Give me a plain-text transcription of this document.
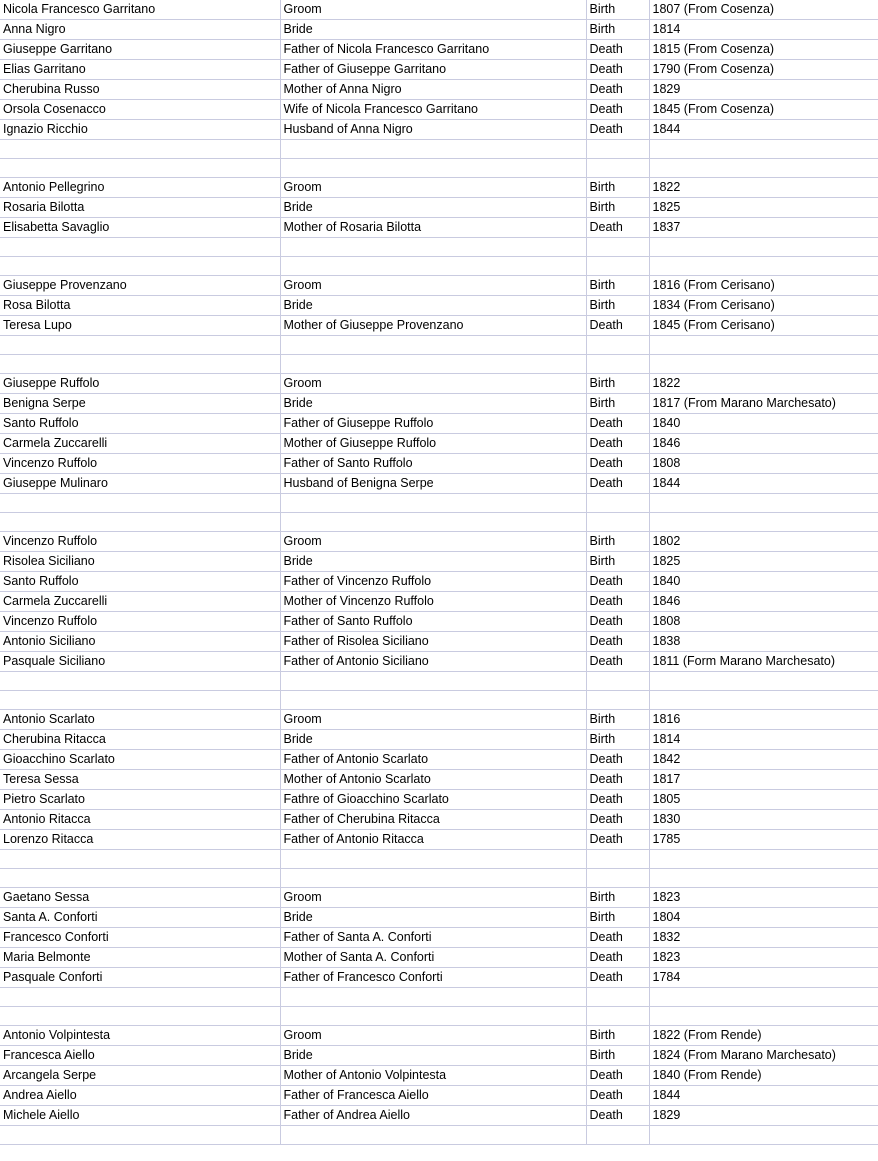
Nicola Francesco Garritano	Groom	Birth	1807 (From Cosenza)
Anna Nigro	Bride	Birth	1814
Giuseppe Garritano	Father of Nicola Francesco Garritano	Death	1815 (From Cosenza)
Elias Garritano	Father of Giuseppe Garritano	Death	1790 (From Cosenza)
Cherubina Russo	Mother of Anna Nigro	Death	1829
Orsola Cosenacco	Wife of Nicola Francesco Garritano	Death	1845 (From Cosenza)
Ignazio Ricchio	Husband of Anna Nigro	Death	1844

Antonio Pellegrino	Groom	Birth	1822
Rosaria Bilotta	Bride	Birth	1825
Elisabetta Savaglio	Mother of Rosaria Bilotta	Death	1837

Giuseppe Provenzano	Groom	Birth	1816 (From Cerisano)
Rosa Bilotta	Bride	Birth	1834 (From Cerisano)
Teresa Lupo	Mother of Giuseppe Provenzano	Death	1845 (From Cerisano)

Giuseppe Ruffolo	Groom	Birth	1822
Benigna Serpe	Bride	Birth	1817 (From Marano Marchesato)
Santo Ruffolo	Father of Giuseppe Ruffolo	Death	1840
Carmela Zuccarelli	Mother of Giuseppe Ruffolo	Death	1846
Vincenzo Ruffolo	Father of Santo Ruffolo	Death	1808
Giuseppe Mulinaro	Husband of Benigna Serpe	Death	1844

Vincenzo Ruffolo	Groom	Birth	1802
Risolea Siciliano	Bride	Birth	1825
Santo Ruffolo	Father of Vincenzo Ruffolo	Death	1840
Carmela Zuccarelli	Mother of Vincenzo Ruffolo	Death	1846
Vincenzo Ruffolo	Father of Santo Ruffolo	Death	1808
Antonio Siciliano	Father of Risolea Siciliano	Death	1838
Pasquale Siciliano	Father of Antonio Siciliano	Death	1811 (Form Marano Marchesato)

Antonio Scarlato	Groom	Birth	1816
Cherubina Ritacca	Bride	Birth	1814
Gioacchino Scarlato	Father of Antonio Scarlato	Death	1842
Teresa Sessa	Mother of Antonio Scarlato	Death	1817
Pietro Scarlato	Fathre of Gioacchino Scarlato	Death	1805
Antonio Ritacca	Father of Cherubina Ritacca	Death	1830
Lorenzo Ritacca	Father of Antonio Ritacca	Death	1785

Gaetano Sessa	Groom	Birth	1823
Santa A. Conforti	Bride	Birth	1804
Francesco Conforti	Father of Santa A. Conforti	Death	1832
Maria Belmonte	Mother of Santa A. Conforti	Death	1823
Pasquale Conforti	Father of Francesco Conforti	Death	1784

Antonio Volpintesta	Groom	Birth	1822 (From Rende)
Francesca Aiello	Bride	Birth	1824 (From Marano Marchesato)
Arcangela Serpe	Mother of Antonio Volpintesta	Death	1840 (From Rende)
Andrea Aiello	Father of Francesca Aiello	Death	1844
Michele Aiello	Father of Andrea Aiello	Death	1829
